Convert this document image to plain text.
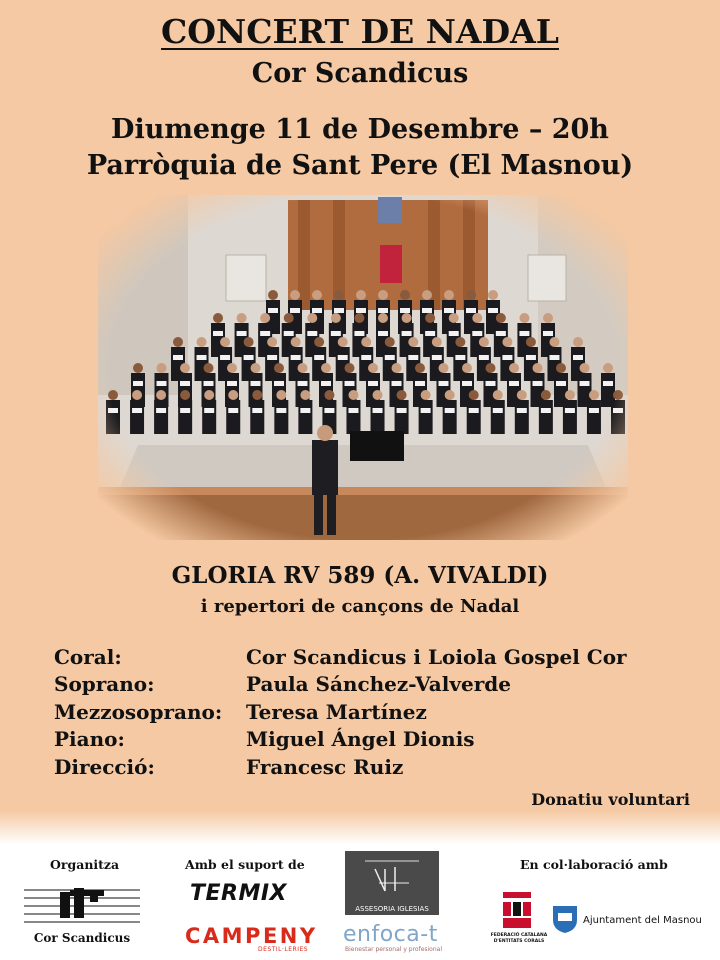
CONCERT DE NADAL
Cor Scandicus
Diumenge 11 de Desembre – 20h
Parròquia de Sant Pere (El Masnou)
GLORIA RV 589 (A. VIVALDI)
i repertori de cançons de Nadal
Coral:	Cor Scandicus i Loiola Gospel Cor
Soprano:	Paula Sánchez-Valverde
Mezzosoprano:	Teresa Martínez
Piano:	Miguel Ángel Dionis
Direcció:	Francesc Ruiz
Donatiu voluntari
Organitza	Amb el suport de	En col·laboració amb
Cor Scandicus
TERMIX
CAMPENY
DESTIL·LERIES
ASSESORIA IGLESIAS
enfoca-t
Bienestar personal y profesional
FEDERACIÓ CATALANA D'ENTITATS CORALS
Ajuntament del Masnou
